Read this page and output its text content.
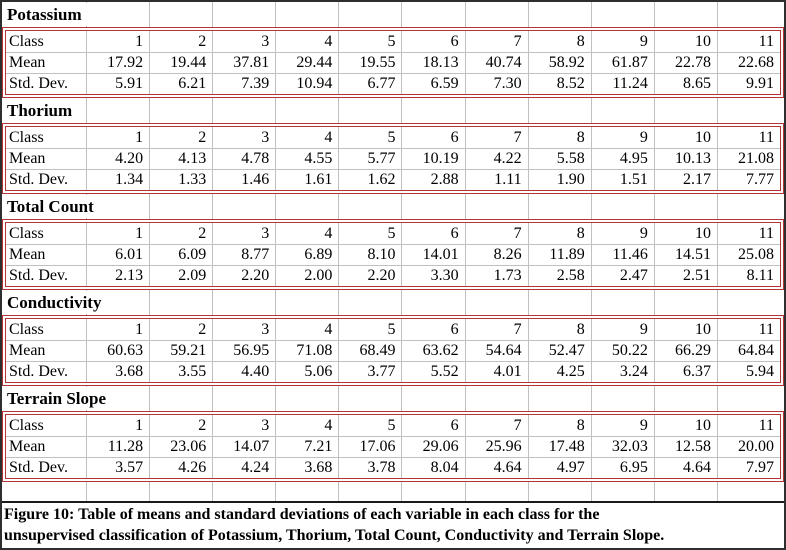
Potassium
Class	1	2	3	4	5	6	7	8	9	10	11
Mean	17.92	19.44	37.81	29.44	19.55	18.13	40.74	58.92	61.87	22.78	22.68
Std. Dev.	5.91	6.21	7.39	10.94	6.77	6.59	7.30	8.52	11.24	8.65	9.91
Thorium
Class	1	2	3	4	5	6	7	8	9	10	11
Mean	4.20	4.13	4.78	4.55	5.77	10.19	4.22	5.58	4.95	10.13	21.08
Std. Dev.	1.34	1.33	1.46	1.61	1.62	2.88	1.11	1.90	1.51	2.17	7.77
Total Count
Class	1	2	3	4	5	6	7	8	9	10	11
Mean	6.01	6.09	8.77	6.89	8.10	14.01	8.26	11.89	11.46	14.51	25.08
Std. Dev.	2.13	2.09	2.20	2.00	2.20	3.30	1.73	2.58	2.47	2.51	8.11
Conductivity
Class	1	2	3	4	5	6	7	8	9	10	11
Mean	60.63	59.21	56.95	71.08	68.49	63.62	54.64	52.47	50.22	66.29	64.84
Std. Dev.	3.68	3.55	4.40	5.06	3.77	5.52	4.01	4.25	3.24	6.37	5.94
Terrain Slope
Class	1	2	3	4	5	6	7	8	9	10	11
Mean	11.28	23.06	14.07	7.21	17.06	29.06	25.96	17.48	32.03	12.58	20.00
Std. Dev.	3.57	4.26	4.24	3.68	3.78	8.04	4.64	4.97	6.95	4.64	7.97
Figure 10: Table of means and standard deviations of each variable in each class for the
unsupervised classification of Potassium, Thorium, Total Count, Conductivity and Terrain Slope.
